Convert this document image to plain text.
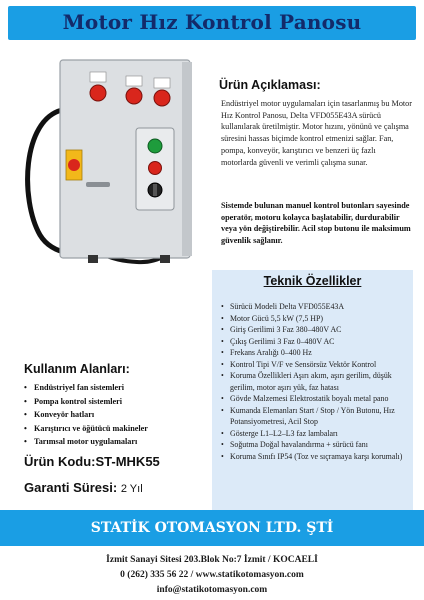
Motor Hız Kontrol Panosu
Ürün Açıklaması:

Endüstriyel motor uygulamaları için tasarlanmış bu Motor Hız Kontrol Panosu, Delta VFD055E43A sürücü kullanılarak üretilmiştir. Motor hızını, yönünü ve çalışma süresini hassas biçimde kontrol etmenizi sağlar. Fan, pompa, konveyör, karıştırıcı ve benzeri üç fazlı motorlarda güvenli ve verimli çalışma sunar.

Sistemde bulunan manuel kontrol butonları sayesinde operatör, motoru kolayca başlatabilir, durdurabilir veya yön değiştirebilir. Acil stop butonu ile maksimum güvenlik sağlanır.

Teknik Özellikler
• Sürücü Modeli Delta VFD055E43A
• Motor Gücü 5,5 kW (7,5 HP)
• Giriş Gerilimi 3 Faz 380–480V AC
• Çıkış Gerilimi 3 Faz 0–480V AC
• Frekans Aralığı 0–400 Hz
• Kontrol Tipi V/F ve Sensörsüz Vektör Kontrol
• Koruma Özellikleri Aşırı akım, aşırı gerilim, düşük gerilim, motor aşırı yük, faz hatası
• Gövde Malzemesi Elektrostatik boyalı metal pano
• Kumanda Elemanları Start / Stop / Yön Butonu, Hız Potansiyometresi, Acil Stop
• Gösterge L1–L2–L3 faz lambaları
• Soğutma Doğal havalandırma + sürücü fanı
• Koruma Sınıfı IP54 (Toz ve sıçramaya karşı korumalı)
Kullanım Alanları:
• Endüstriyel fan sistemleri
• Pompa kontrol sistemleri
• Konveyör hatları
• Karıştırıcı ve öğütücü makineler
• Tarımsal motor uygulamaları
Ürün Kodu:ST-MHK55
Garanti Süresi: 2 Yıl
STATİK OTOMASYON LTD. ŞTİ
İzmit Sanayi Sitesi 203.Blok No:7 İzmit / KOCAELİ
0 (262) 335 56 22 / www.statikotomasyon.com
info@statikotomasyon.com
